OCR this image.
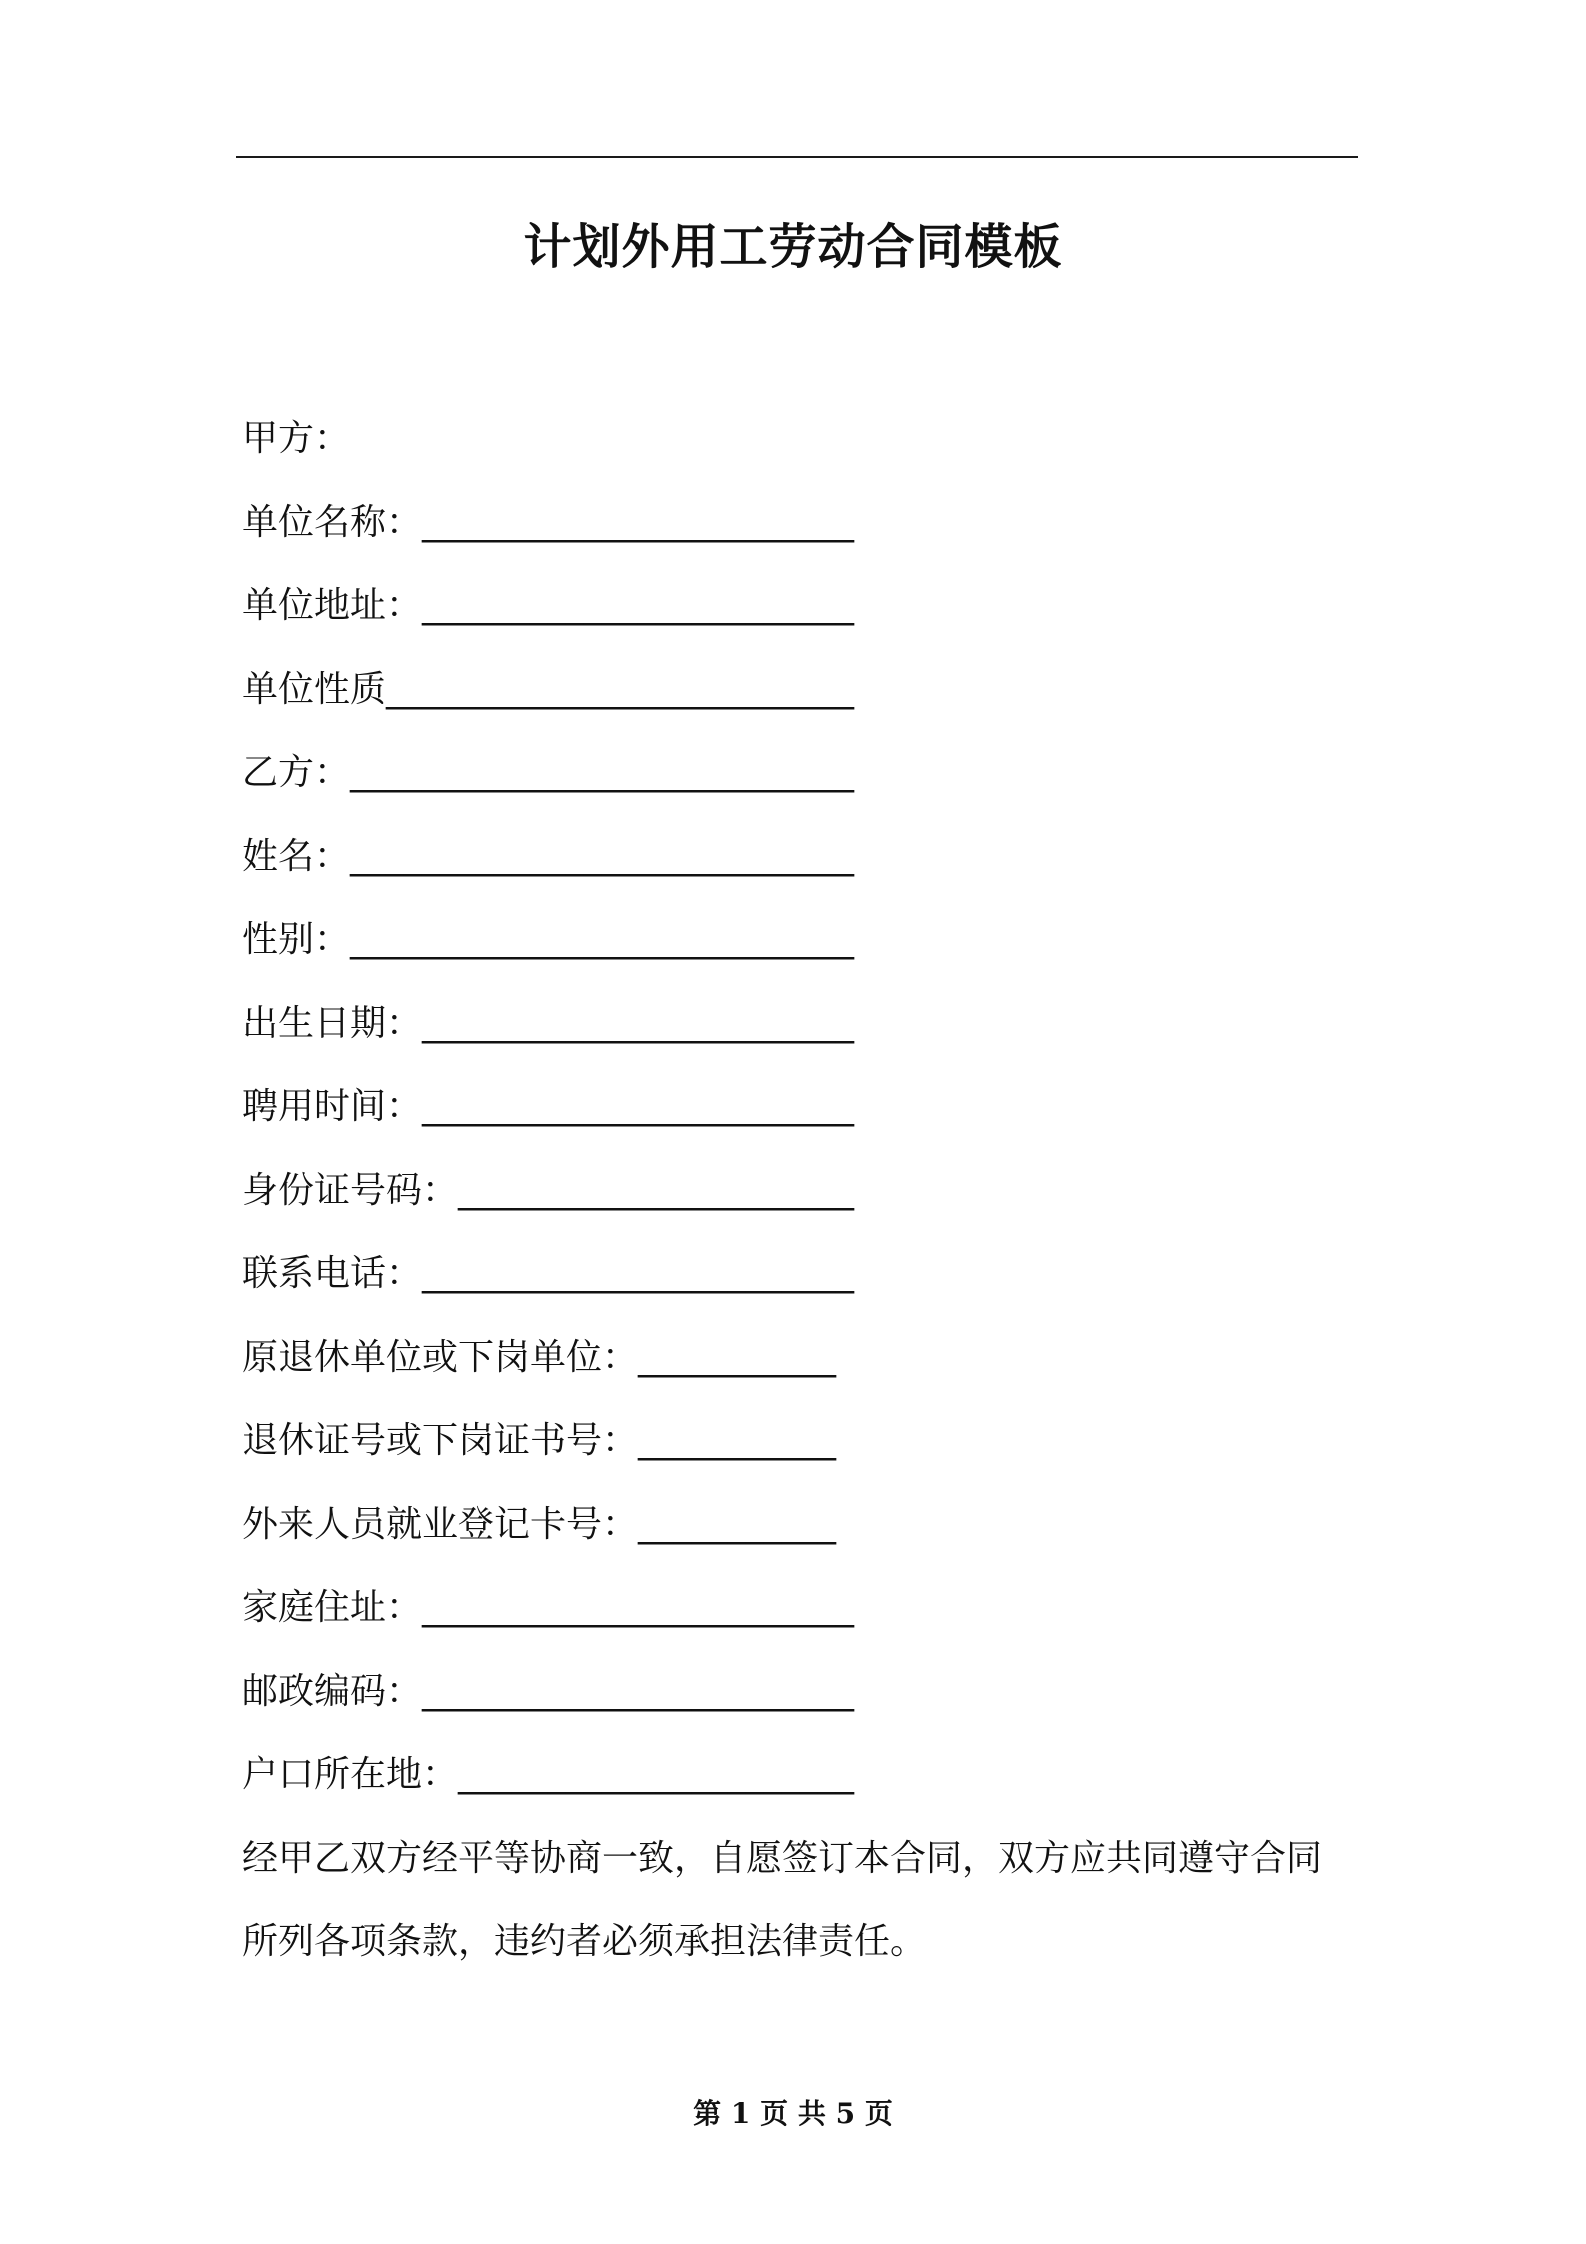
计划外用工劳动合同模板
甲方：
单位名称：________________________
单位地址：________________________
单位性质__________________________
乙方：____________________________
姓名：____________________________
性别：____________________________
出生日期：________________________
聘用时间：________________________
身份证号码：______________________
联系电话：________________________
原退休单位或下岗单位：___________
退休证号或下岗证书号：___________
外来人员就业登记卡号：___________
家庭住址：________________________
邮政编码：________________________
户口所在地：______________________
经甲乙双方经平等协商一致，自愿签订本合同，双方应共同遵守合同
所列各项条款，违约者必须承担法律责任。
第 1 页 共 5 页
